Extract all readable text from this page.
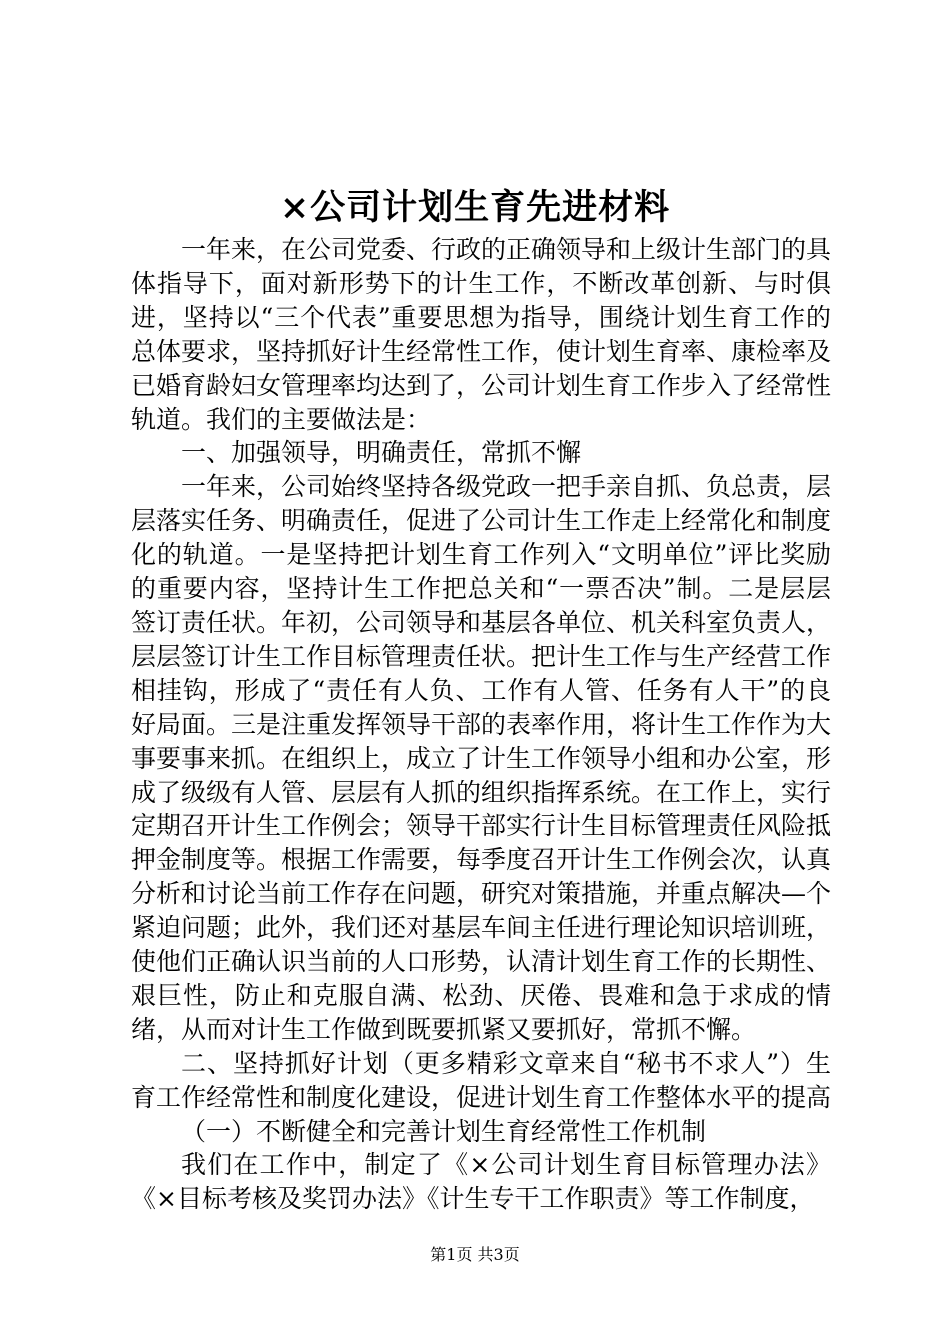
×公司计划生育先进材料

一年来，在公司党委、行政的正确领导和上级计生部门的具体指导下，面对新形势下的计生工作，不断改革创新、与时俱进，坚持以“三个代表”重要思想为指导，围绕计划生育工作的总体要求，坚持抓好计生经常性工作，使计划生育率、康检率及已婚育龄妇女管理率均达到了，公司计划生育工作步入了经常性轨道。我们的主要做法是：

一、加强领导，明确责任，常抓不懈

一年来，公司始终坚持各级党政一把手亲自抓、负总责，层层落实任务、明确责任，促进了公司计生工作走上经常化和制度化的轨道。一是坚持把计划生育工作列入“文明单位”评比奖励的重要内容，坚持计生工作把总关和“一票否决”制。二是层层签订责任状。年初，公司领导和基层各单位、机关科室负责人，层层签订计生工作目标管理责任状。把计生工作与生产经营工作相挂钩，形成了“责任有人负、工作有人管、任务有人干”的良好局面。三是注重发挥领导干部的表率作用，将计生工作作为大事要事来抓。在组织上，成立了计生工作领导小组和办公室，形成了级级有人管、层层有人抓的组织指挥系统。在工作上，实行定期召开计生工作例会；领导干部实行计生目标管理责任风险抵押金制度等。根据工作需要，每季度召开计生工作例会次，认真分析和讨论当前工作存在问题，研究对策措施，并重点解决—个紧迫问题；此外，我们还对基层车间主任进行理论知识培训班，使他们正确认识当前的人口形势，认清计划生育工作的长期性、艰巨性，防止和克服自满、松劲、厌倦、畏难和急于求成的情绪，从而对计生工作做到既要抓紧又要抓好，常抓不懈。

二、坚持抓好计划（更多精彩文章来自“秘书不求人”）生育工作经常性和制度化建设，促进计划生育工作整体水平的提高

（一）不断健全和完善计划生育经常性工作机制

我们在工作中，制定了《×公司计划生育目标管理办法》《×目标考核及奖罚办法》《计生专干工作职责》等工作制度，

第1页 共3页
